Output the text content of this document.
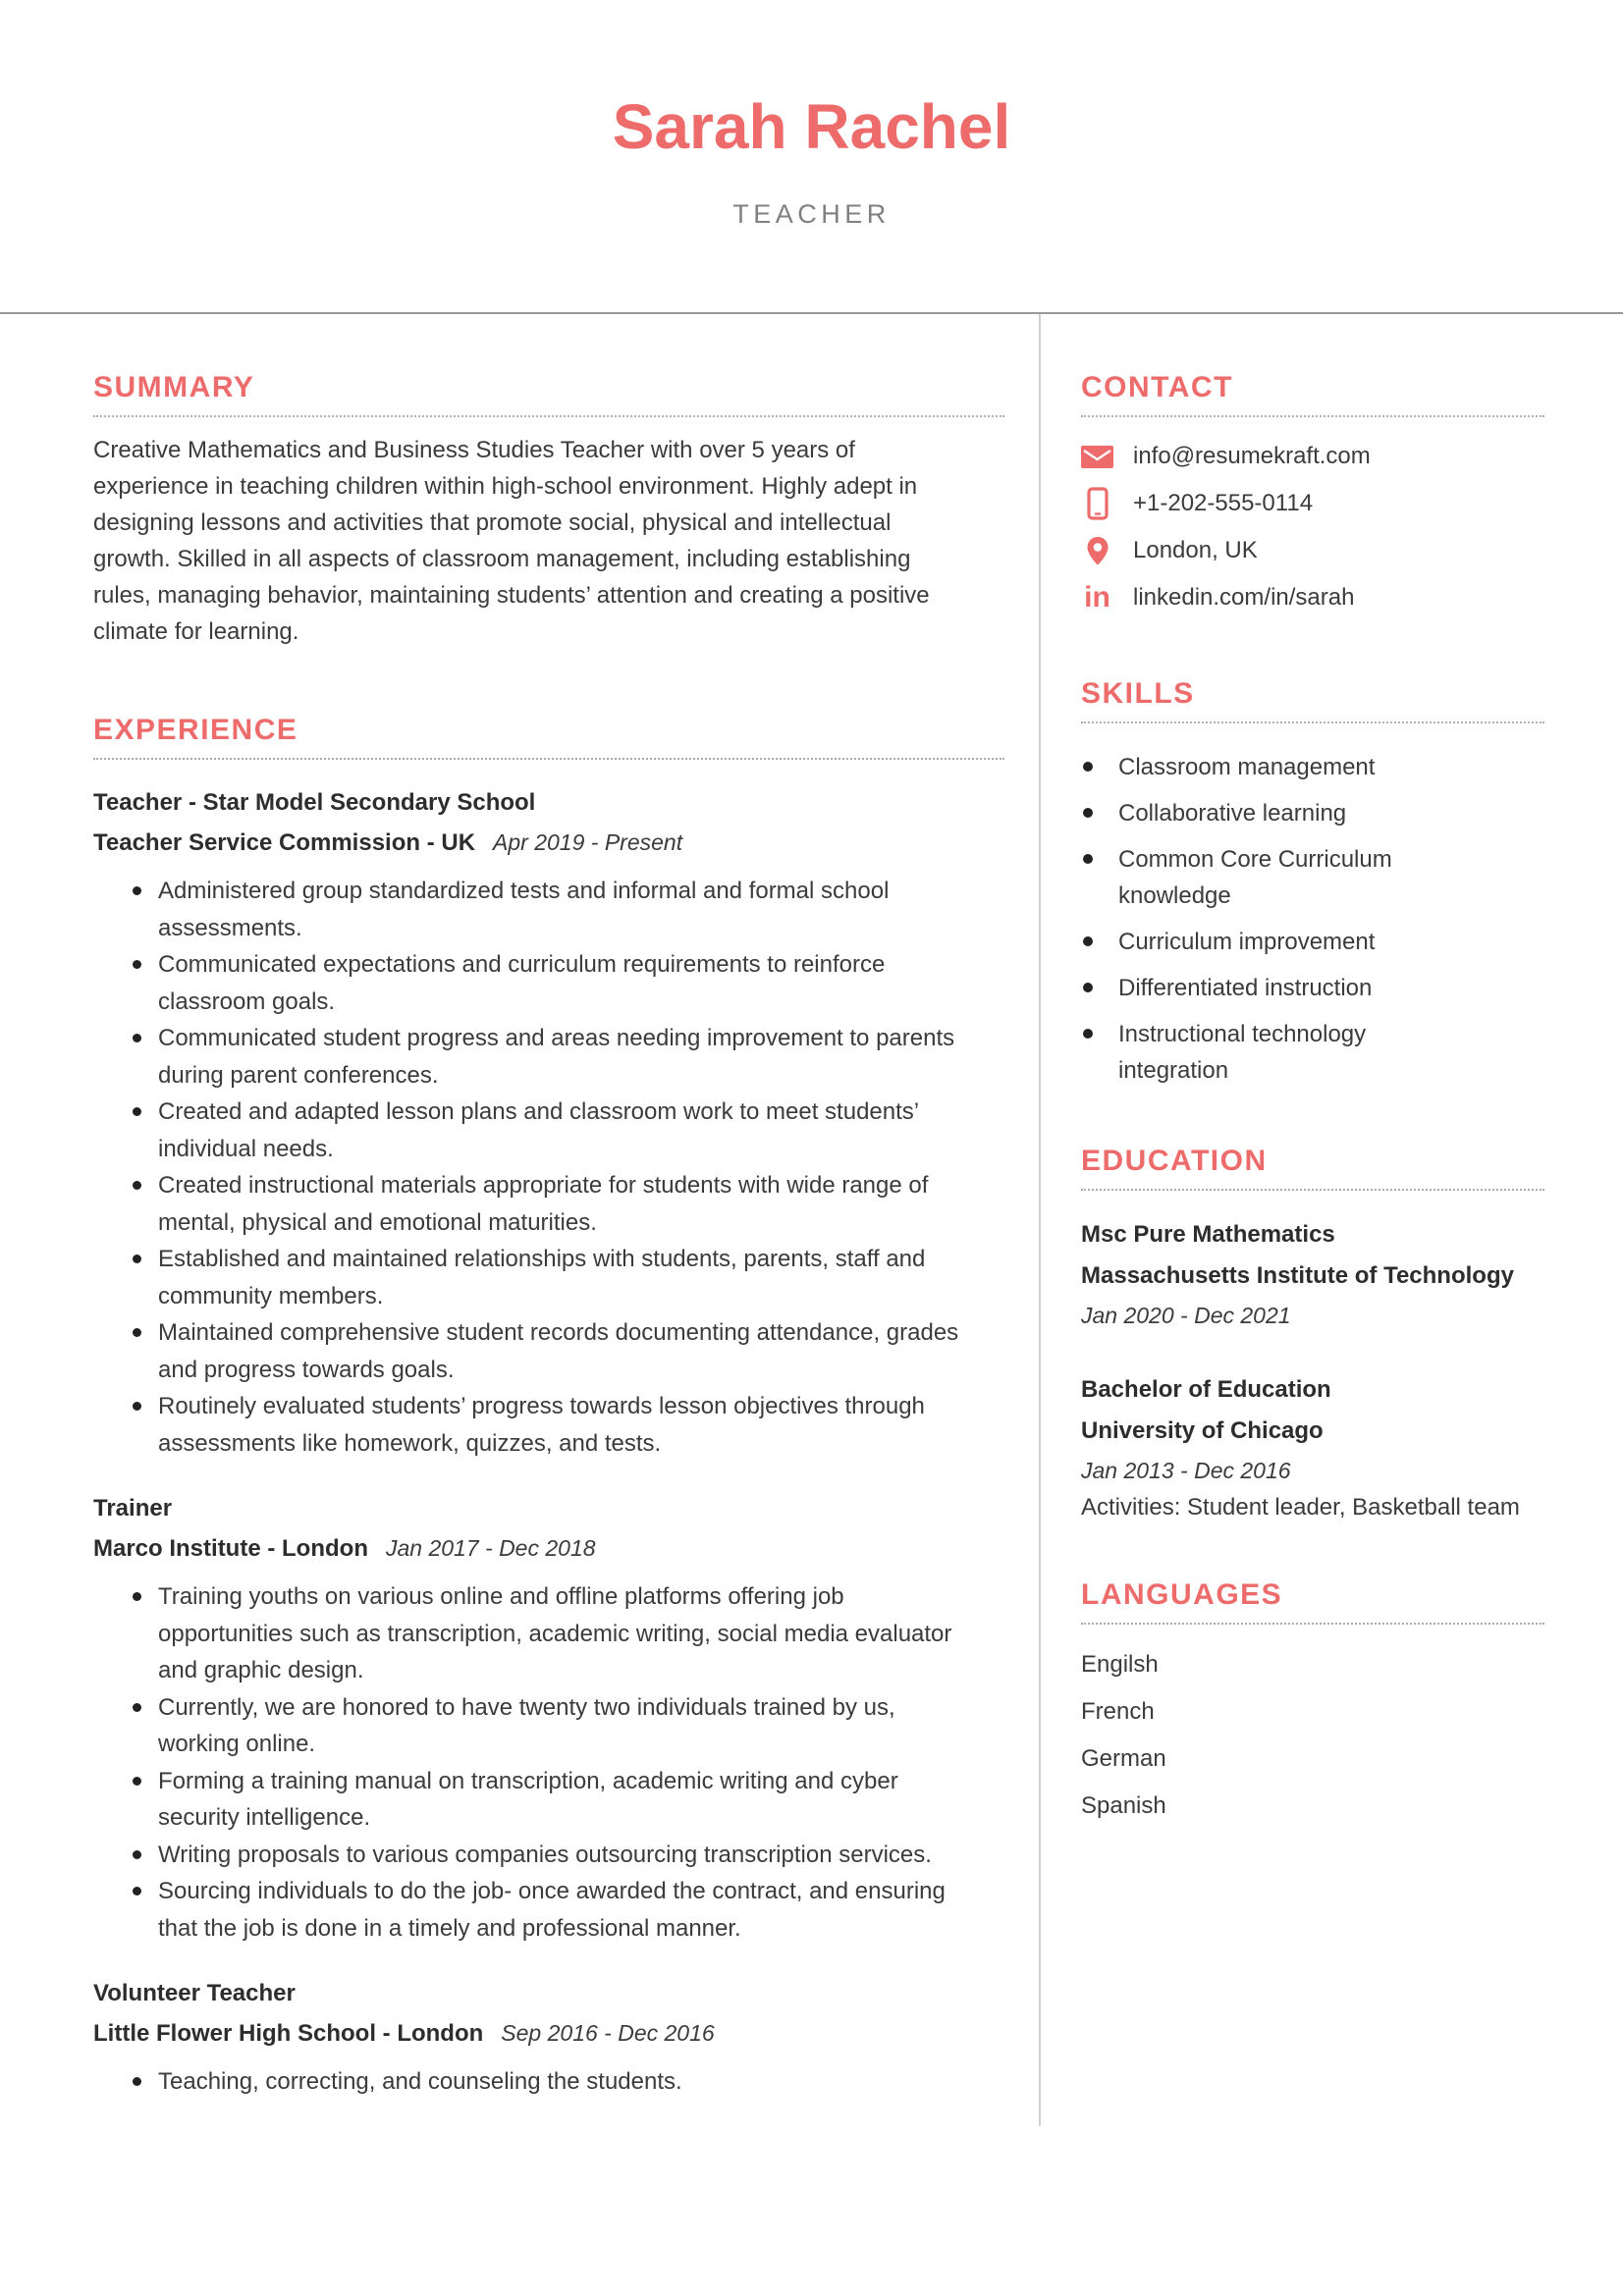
Sarah Rachel
TEACHER
SUMMARY

Creative Mathematics and Business Studies Teacher with over 5 years of experience in teaching children within high-school environment. Highly adept in designing lessons and activities that promote social, physical and intellectual growth. Skilled in all aspects of classroom management, including establishing rules, managing behavior, maintaining students’ attention and creating a positive climate for learning.

EXPERIENCE
Teacher - Star Model Secondary School
Teacher Service Commission - UK Apr 2019 - Present
Administered group standardized tests and informal and formal school assessments.
Communicated expectations and curriculum requirements to reinforce classroom goals.
Communicated student progress and areas needing improvement to parents during parent conferences.
Created and adapted lesson plans and classroom work to meet students’ individual needs.
Created instructional materials appropriate for students with wide range of mental, physical and emotional maturities.
Established and maintained relationships with students, parents, staff and community members.
Maintained comprehensive student records documenting attendance, grades and progress towards goals.
Routinely evaluated students’ progress towards lesson objectives through assessments like homework, quizzes, and tests.
Trainer
Marco Institute - London Jan 2017 - Dec 2018
Training youths on various online and offline platforms offering job opportunities such as transcription, academic writing, social media evaluator and graphic design.
Currently, we are honored to have twenty two individuals trained by us, working online.
Forming a training manual on transcription, academic writing and cyber security intelligence.
Writing proposals to various companies outsourcing transcription services.
Sourcing individuals to do the job- once awarded the contract, and ensuring that the job is done in a timely and professional manner.
Volunteer Teacher
Little Flower High School - London Sep 2016 - Dec 2016
Teaching, correcting, and counseling the students.
CONTACT
info@resumekraft.com
+1-202-555-0114
London, UK
in linkedin.com/in/sarah
SKILLS
Classroom management
Collaborative learning
Common Core Curriculum knowledge
Curriculum improvement
Differentiated instruction
Instructional technology integration
EDUCATION
Msc Pure Mathematics
Massachusetts Institute of Technology
Jan 2020 - Dec 2021
Bachelor of Education
University of Chicago
Jan 2013 - Dec 2016
Activities: Student leader, Basketball team
LANGUAGES
Engilsh
French
German
Spanish
